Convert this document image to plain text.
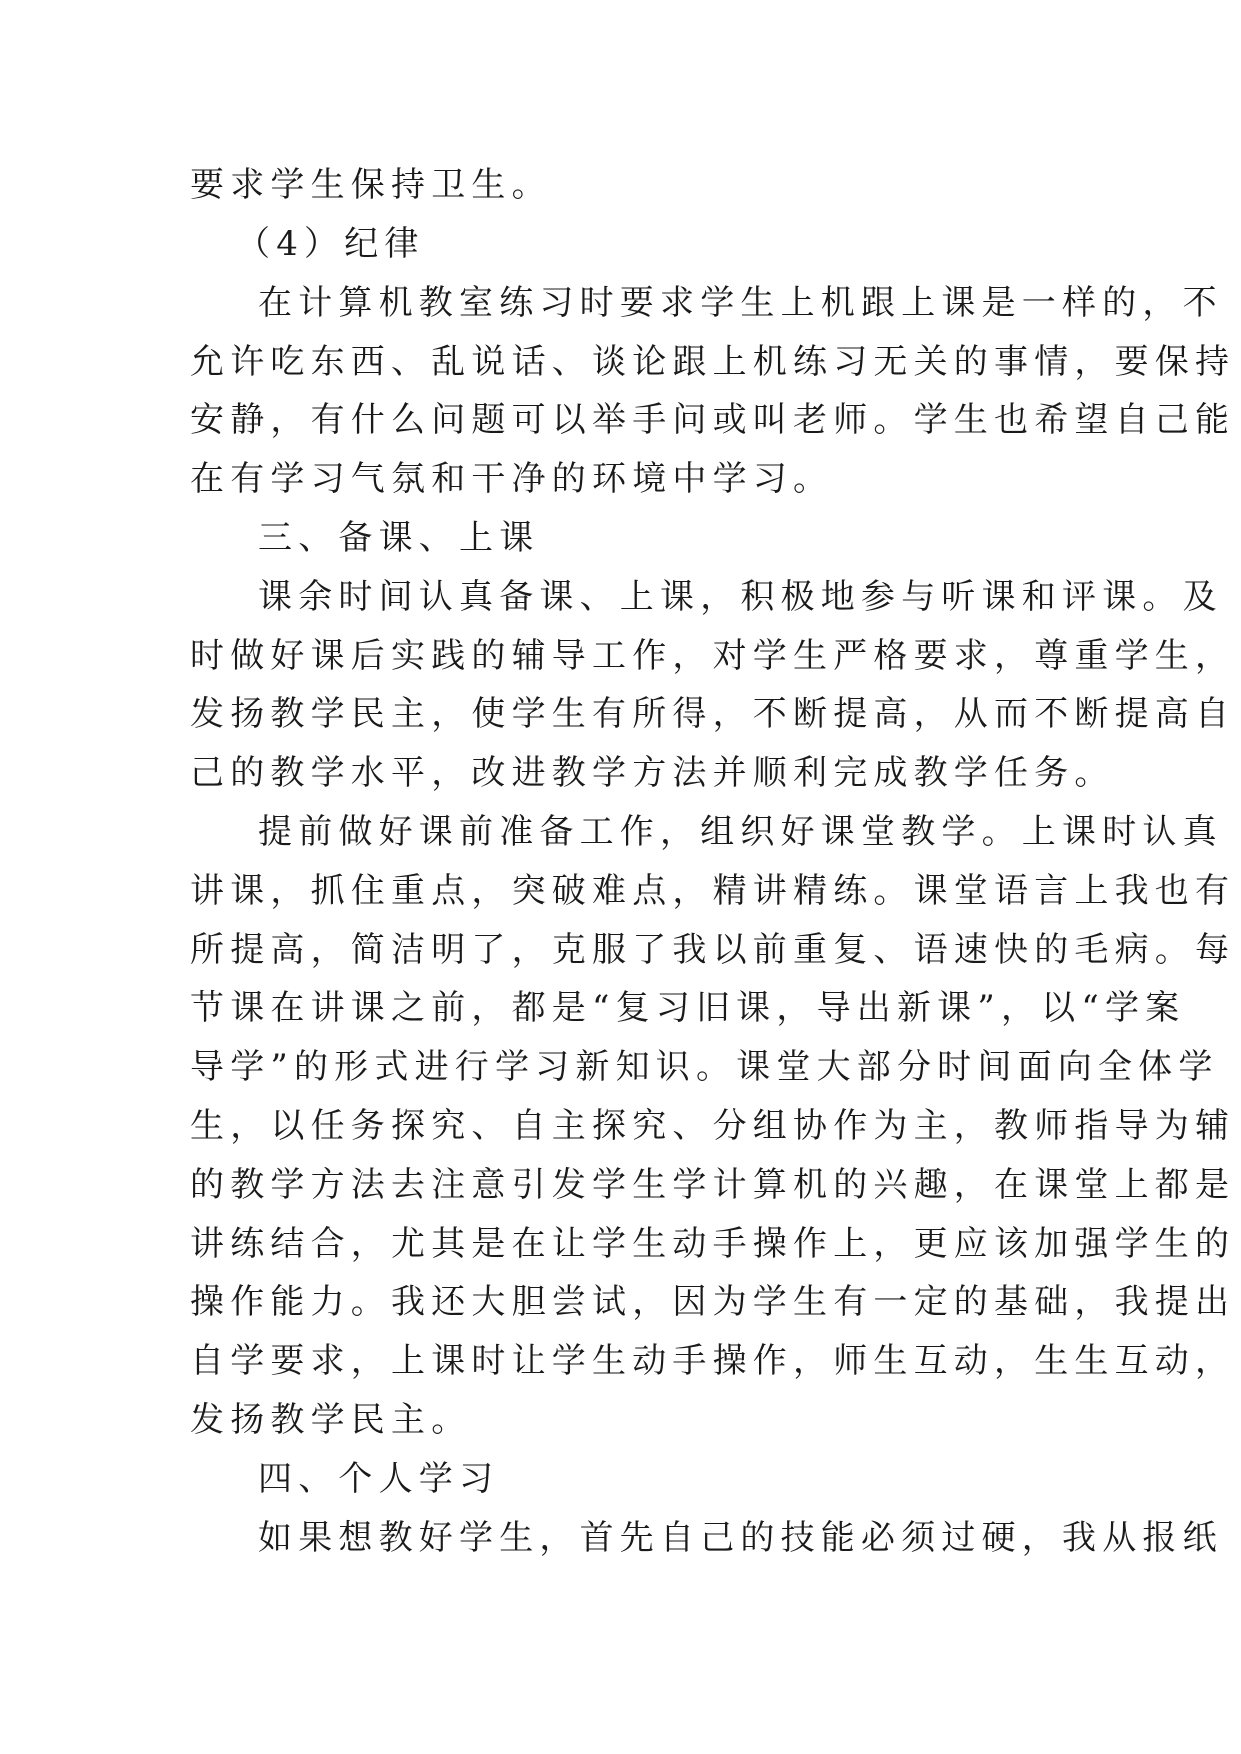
要求学生保持卫生。
（4）纪律
在计算机教室练习时要求学生上机跟上课是一样的，不
允许吃东西、乱说话、谈论跟上机练习无关的事情，要保持
安静，有什么问题可以举手问或叫老师。学生也希望自己能
在有学习气氛和干净的环境中学习。
三、备课、上课
课余时间认真备课、上课，积极地参与听课和评课。及
时做好课后实践的辅导工作，对学生严格要求，尊重学生，
发扬教学民主，使学生有所得，不断提高，从而不断提高自
己的教学水平，改进教学方法并顺利完成教学任务。
提前做好课前准备工作，组织好课堂教学。上课时认真
讲课，抓住重点，突破难点，精讲精练。课堂语言上我也有
所提高，简洁明了，克服了我以前重复、语速快的毛病。每
节课在讲课之前，都是“复习旧课，导出新课”，以“学案
导学”的形式进行学习新知识。课堂大部分时间面向全体学
生，以任务探究、自主探究、分组协作为主，教师指导为辅
的教学方法去注意引发学生学计算机的兴趣，在课堂上都是
讲练结合，尤其是在让学生动手操作上，更应该加强学生的
操作能力。我还大胆尝试，因为学生有一定的基础，我提出
自学要求，上课时让学生动手操作，师生互动，生生互动，
发扬教学民主。
四、个人学习
如果想教好学生，首先自己的技能必须过硬，我从报纸
